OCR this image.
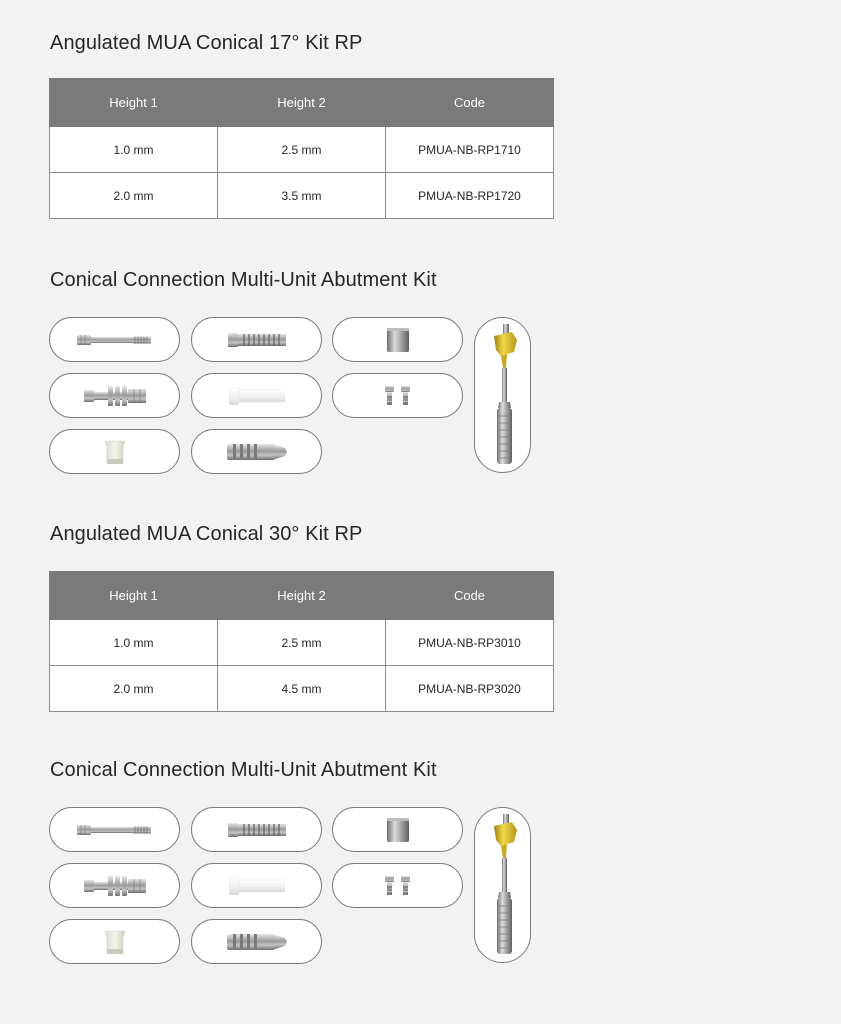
Angulated MUA Conical 17° Kit RP
Height 1	Height 2	Code
1.0 mm	2.5 mm	PMUA-NB-RP1710
2.0 mm	3.5 mm	PMUA-NB-RP1720
Conical Connection Multi-Unit Abutment Kit
Angulated MUA Conical 30° Kit RP
Height 1	Height 2	Code
1.0 mm	2.5 mm	PMUA-NB-RP3010
2.0 mm	4.5 mm	PMUA-NB-RP3020
Conical Connection Multi-Unit Abutment Kit
